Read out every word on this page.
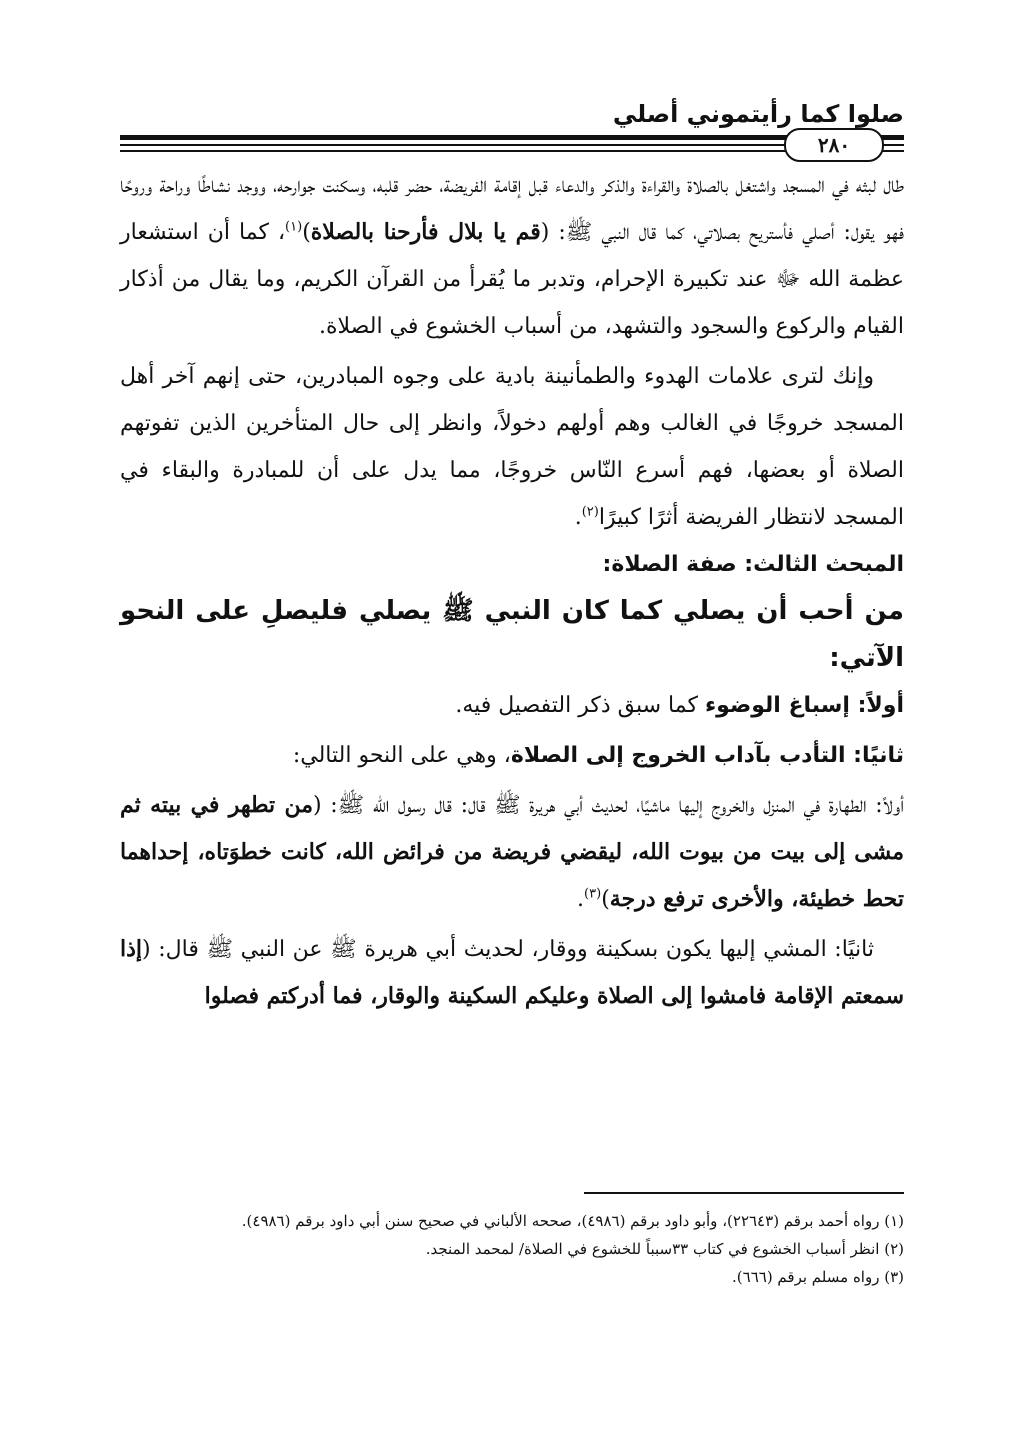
صلوا كما رأيتموني أصلي
٢٨٠

طال لبثه في المسجد واشتغل بالصلاة والقراءة والذكر والدعاء قبل إقامة الفريضة، حضر قلبه، وسكنت جوارحه، ووجد نشاطًا وراحة وروحًا فهو يقول: أصلي فأستريح بصلاتي، كما قال النبي ﷺ: (قم يا بلال فأرحنا بالصلاة)$^{(١)}$، كما أن استشعار عظمة الله ﷻ عند تكبيرة الإحرام، وتدبر ما يُقرأ من القرآن الكريم، وما يقال من أذكار القيام والركوع والسجود والتشهد، من أسباب الخشوع في الصلاة.

وإنك لترى علامات الهدوء والطمأنينة بادية على وجوه المبادرين، حتى إنهم آخر أهل المسجد خروجًا في الغالب وهم أولهم دخولاً، وانظر إلى حال المتأخرين الذين تفوتهم الصلاة أو بعضها، فهم أسرع النّاس خروجًا، مما يدل على أن للمبادرة والبقاء في المسجد لانتظار الفريضة أثرًا كبيرًا$^{(٢)}$.

المبحث الثالث: صفة الصلاة:

من أحب أن يصلي كما كان النبي ﷺ يصلي فليصلِ على النحو الآتي:

أولاً: إسباغ الوضوء كما سبق ذكر التفصيل فيه.

ثانيًا: التأدب بآداب الخروج إلى الصلاة، وهي على النحو التالي:

أولاً: الطهارة في المنزل والخروج إليها ماشيًا، لحديث أبي هريرة ﷺ قال: قال رسول الله ﷺ: (من تطهر في بيته ثم مشى إلى بيت من بيوت الله، ليقضي فريضة من فرائض الله، كانت خطوَتاه، إحداهما تحط خطيئة، والأخرى ترفع درجة)$^{(٣)}$.

ثانيًا: المشي إليها يكون بسكينة ووقار، لحديث أبي هريرة ﷺ عن النبي ﷺ قال: (إذا سمعتم الإقامة فامشوا إلى الصلاة وعليكم السكينة والوقار، فما أدركتم فصلوا

(١) رواه أحمد برقم (٢٢٦٤٣)، وأبو داود برقم (٤٩٨٦)، صححه الألباني في صحيح سنن أبي داود برقم (٤٩٨٦).

(٢) انظر أسباب الخشوع في كتاب ٣٣سبباً للخشوع في الصلاة/ لمحمد المنجد.

(٣) رواه مسلم برقم (٦٦٦).
